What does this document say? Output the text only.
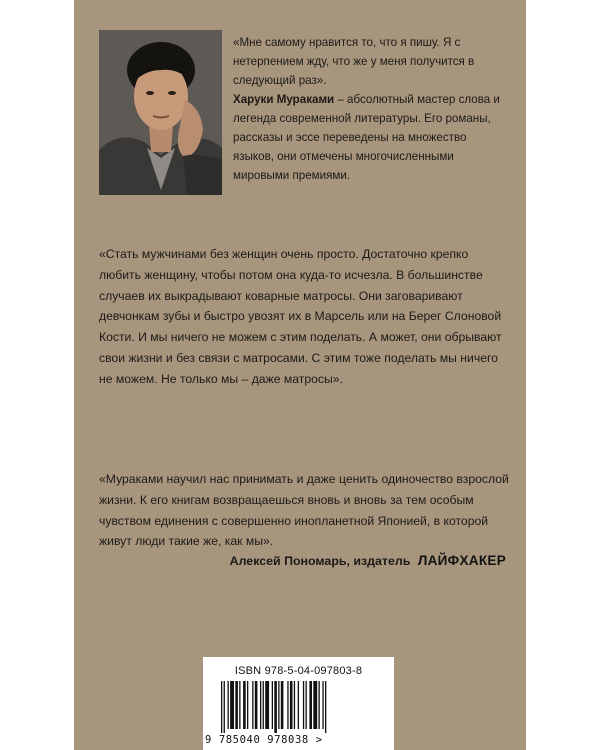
«Мне самому нравится то, что я пишу. Я с нетерпением жду, что же у меня получится в следующий раз».

Харуки Мураками – абсолютный мастер слова и легенда современной литературы. Его романы, рассказы и эссе переведены на множество языков, они отмечены многочисленными мировыми премиями.

«Стать мужчинами без женщин очень просто. Достаточно крепко любить женщину, чтобы потом она куда-то исчезла. В большинстве случаев их выкрадывают коварные матросы. Они заговаривают девчонкам зубы и быстро увозят их в Марсель или на Берег Слоновой Кости. И мы ничего не можем с этим поделать. А может, они обрывают свои жизни и без связи с матросами. С этим тоже поделать мы ничего не можем. Не только мы – даже матросы».

«Мураками научил нас принимать и даже ценить одиночество взрослой жизни. К его книгам возвращаешься вновь и вновь за тем особым чувством единения с совершенно инопланетной Японией, в которой живут люди такие же, как мы».

Алексей Пономарь, издатель ЛАЙФХАКЕР
ISBN 978-5-04-097803-8
9 785040 978038 >
